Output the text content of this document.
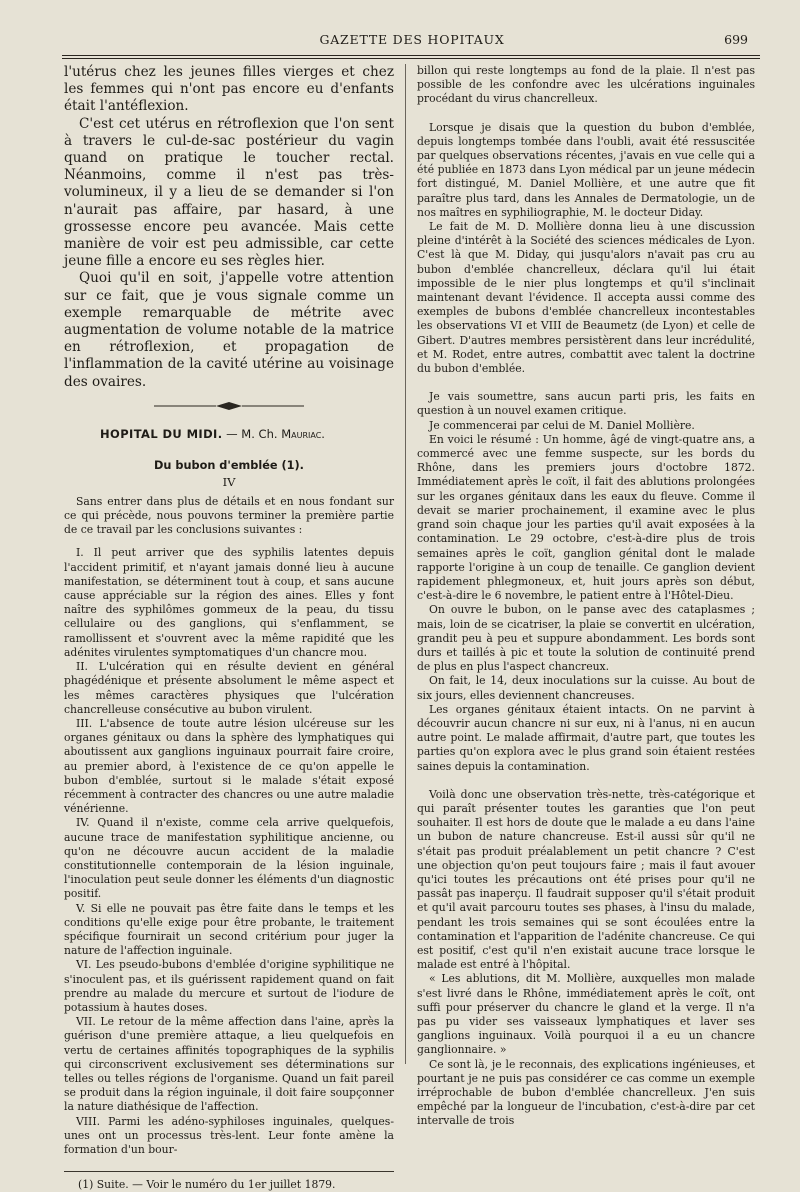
GAZETTE DES HOPITAUX	699

l'utérus chez les jeunes filles vierges et chez les femmes qui n'ont pas encore eu d'enfants était l'antéflexion.

C'est cet utérus en rétroflexion que l'on sent à travers le cul-de-sac postérieur du vagin quand on pratique le toucher rectal. Néanmoins, comme il n'est pas très-volumineux, il y a lieu de se demander si l'on n'aurait pas affaire, par hasard, à une grossesse encore peu avancée. Mais cette manière de voir est peu admissible, car cette jeune fille a encore eu ses règles hier.

Quoi qu'il en soit, j'appelle votre attention sur ce fait, que je vous signale comme un exemple remarquable de métrite avec augmentation de volume notable de la matrice en rétroflexion, et propagation de l'inflammation de la cavité utérine au voisinage des ovaires.

HOPITAL DU MIDI. — M. Ch. Mauriac.
Du bubon d'emblée (1).
IV

Sans entrer dans plus de détails et en nous fondant sur ce qui précède, nous pouvons terminer la première partie de ce travail par les conclusions suivantes :

I. Il peut arriver que des syphilis latentes depuis l'accident primitif, et n'ayant jamais donné lieu à aucune manifestation, se déterminent tout à coup, et sans aucune cause appréciable sur la région des aines. Elles y font naître des syphilômes gommeux de la peau, du tissu cellulaire ou des ganglions, qui s'enflamment, se ramollissent et s'ouvrent avec la même rapidité que les adénites virulentes symptomatiques d'un chancre mou.

II. L'ulcération qui en résulte devient en général phagédénique et présente absolument le même aspect et les mêmes caractères physiques que l'ulcération chancrelleuse consécutive au bubon virulent.

III. L'absence de toute autre lésion ulcéreuse sur les organes génitaux ou dans la sphère des lymphatiques qui aboutissent aux ganglions inguinaux pourrait faire croire, au premier abord, à l'existence de ce qu'on appelle le bubon d'emblée, surtout si le malade s'était exposé récemment à contracter des chancres ou une autre maladie vénérienne.

IV. Quand il n'existe, comme cela arrive quelquefois, aucune trace de manifestation syphilitique ancienne, ou qu'on ne découvre aucun accident de la maladie constitutionnelle contemporain de la lésion inguinale, l'inoculation peut seule donner les éléments d'un diagnostic positif.

V. Si elle ne pouvait pas être faite dans le temps et les conditions qu'elle exige pour être probante, le traitement spécifique fournirait un second critérium pour juger la nature de l'affection inguinale.

VI. Les pseudo-bubons d'emblée d'origine syphilitique ne s'inoculent pas, et ils guérissent rapidement quand on fait prendre au malade du mercure et surtout de l'iodure de potassium à hautes doses.

VII. Le retour de la même affection dans l'aine, après la guérison d'une première attaque, a lieu quelquefois en vertu de certaines affinités topographiques de la syphilis qui circonscrivent exclusivement ses déterminations sur telles ou telles régions de l'organisme. Quand un fait pareil se produit dans la région inguinale, il doit faire soupçonner la nature diathésique de l'affection.

VIII. Parmi les adéno-syphiloses inguinales, quelques-unes ont un processus très-lent. Leur fonte amène la formation d'un bour-

(1) Suite. — Voir le numéro du 1er juillet 1879.

billon qui reste longtemps au fond de la plaie. Il n'est pas possible de les confondre avec les ulcérations inguinales procédant du virus chancrelleux.

Lorsque je disais que la question du bubon d'emblée, depuis longtemps tombée dans l'oubli, avait été ressuscitée par quelques observations récentes, j'avais en vue celle qui a été publiée en 1873 dans Lyon médical par un jeune médecin fort distingué, M. Daniel Mollière, et une autre que fit paraître plus tard, dans les Annales de Dermatologie, un de nos maîtres en syphiliographie, M. le docteur Diday.

Le fait de M. D. Mollière donna lieu à une discussion pleine d'intérêt à la Société des sciences médicales de Lyon. C'est là que M. Diday, qui jusqu'alors n'avait pas cru au bubon d'emblée chancrelleux, déclara qu'il lui était impossible de le nier plus longtemps et qu'il s'inclinait maintenant devant l'évidence. Il accepta aussi comme des exemples de bubons d'emblée chancrelleux incontestables les observations VI et VIII de Beaumetz (de Lyon) et celle de Gibert. D'autres membres persistèrent dans leur incrédulité, et M. Rodet, entre autres, combattit avec talent la doctrine du bubon d'emblée.

Je vais soumettre, sans aucun parti pris, les faits en question à un nouvel examen critique.

Je commencerai par celui de M. Daniel Mollière.

En voici le résumé : Un homme, âgé de vingt-quatre ans, a commercé avec une femme suspecte, sur les bords du Rhône, dans les premiers jours d'octobre 1872. Immédiatement après le coït, il fait des ablutions prolongées sur les organes génitaux dans les eaux du fleuve. Comme il devait se marier prochainement, il examine avec le plus grand soin chaque jour les parties qu'il avait exposées à la contamination. Le 29 octobre, c'est-à-dire plus de trois semaines après le coït, ganglion génital dont le malade rapporte l'origine à un coup de tenaille. Ce ganglion devient rapidement phlegmoneux, et, huit jours après son début, c'est-à-dire le 6 novembre, le patient entre à l'Hôtel-Dieu.

On ouvre le bubon, on le panse avec des cataplasmes ; mais, loin de se cicatriser, la plaie se convertit en ulcération, grandit peu à peu et suppure abondamment. Les bords sont durs et taillés à pic et toute la solution de continuité prend de plus en plus l'aspect chancreux.

On fait, le 14, deux inoculations sur la cuisse. Au bout de six jours, elles deviennent chancreuses.

Les organes génitaux étaient intacts. On ne parvint à découvrir aucun chancre ni sur eux, ni à l'anus, ni en aucun autre point. Le malade affirmait, d'autre part, que toutes les parties qu'on explora avec le plus grand soin étaient restées saines depuis la contamination.

Voilà donc une observation très-nette, très-catégorique et qui paraît présenter toutes les garanties que l'on peut souhaiter. Il est hors de doute que le malade a eu dans l'aine un bubon de nature chancreuse. Est-il aussi sûr qu'il ne s'était pas produit préalablement un petit chancre ? C'est une objection qu'on peut toujours faire ; mais il faut avouer qu'ici toutes les précautions ont été prises pour qu'il ne passât pas inaperçu. Il faudrait supposer qu'il s'était produit et qu'il avait parcouru toutes ses phases, à l'insu du malade, pendant les trois semaines qui se sont écoulées entre la contamination et l'apparition de l'adénite chancreuse. Ce qui est positif, c'est qu'il n'en existait aucune trace lorsque le malade est entré à l'hôpital.

« Les ablutions, dit M. Mollière, auxquelles mon malade s'est livré dans le Rhône, immédiatement après le coït, ont suffi pour préserver du chancre le gland et la verge. Il n'a pas pu vider ses vaisseaux lymphatiques et laver ses ganglions inguinaux. Voilà pourquoi il a eu un chancre ganglionnaire. »

Ce sont là, je le reconnais, des explications ingénieuses, et pourtant je ne puis pas considérer ce cas comme un exemple irréprochable de bubon d'emblée chancrelleux. J'en suis empêché par la longueur de l'incubation, c'est-à-dire par cet intervalle de trois
